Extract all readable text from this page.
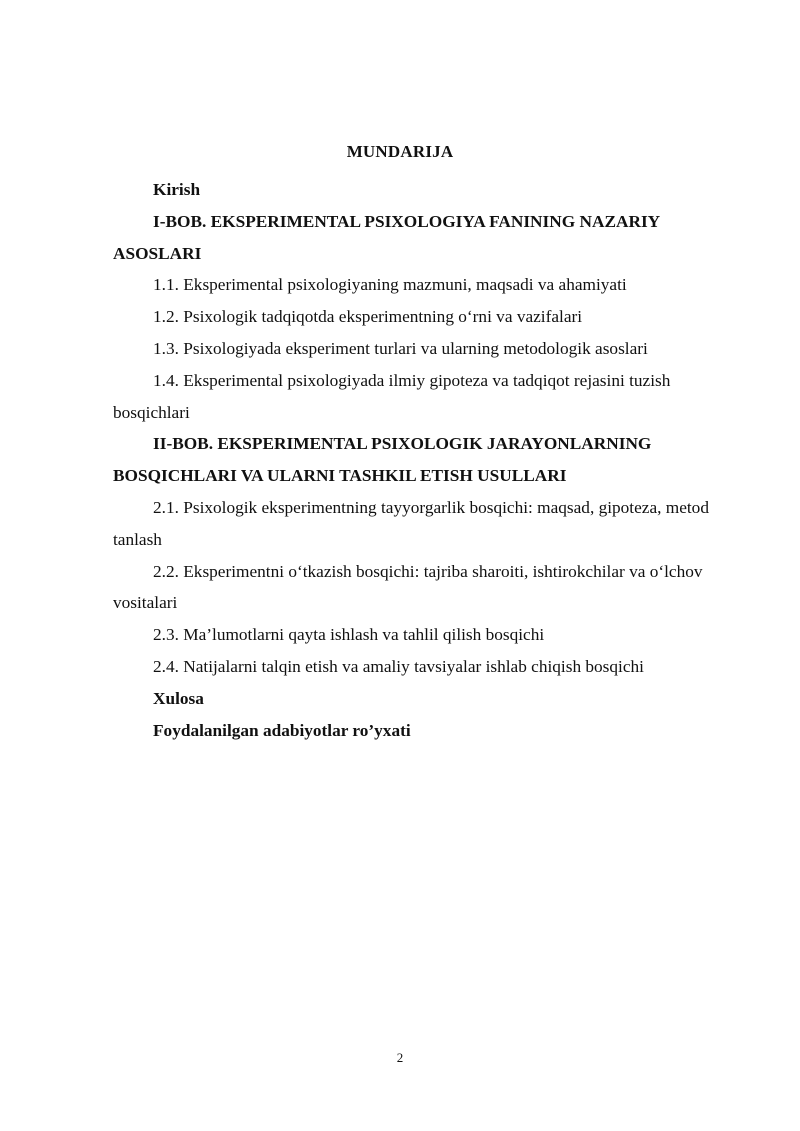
MUNDARIJA

Kirish

I-BOB. EKSPERIMENTAL PSIXOLOGIYA FANINING NAZARIY ASOSLARI

1.1. Eksperimental psixologiyaning mazmuni, maqsadi va ahamiyati

1.2. Psixologik tadqiqotda eksperimentning o‘rni va vazifalari

1.3. Psixologiyada eksperiment turlari va ularning metodologik asoslari

1.4. Eksperimental psixologiyada ilmiy gipoteza va tadqiqot rejasini tuzish bosqichlari

II-BOB. EKSPERIMENTAL PSIXOLOGIK JARAYONLARNING BOSQICHLARI VA ULARNI TASHKIL ETISH USULLARI

2.1. Psixologik eksperimentning tayyorgarlik bosqichi: maqsad, gipoteza, metod tanlash

2.2. Eksperimentni o‘tkazish bosqichi: tajriba sharoiti, ishtirokchilar va o‘lchov vositalari

2.3. Ma’lumotlarni qayta ishlash va tahlil qilish bosqichi

2.4. Natijalarni talqin etish va amaliy tavsiyalar ishlab chiqish bosqichi

Xulosa

Foydalanilgan adabiyotlar ro’yxati

2
